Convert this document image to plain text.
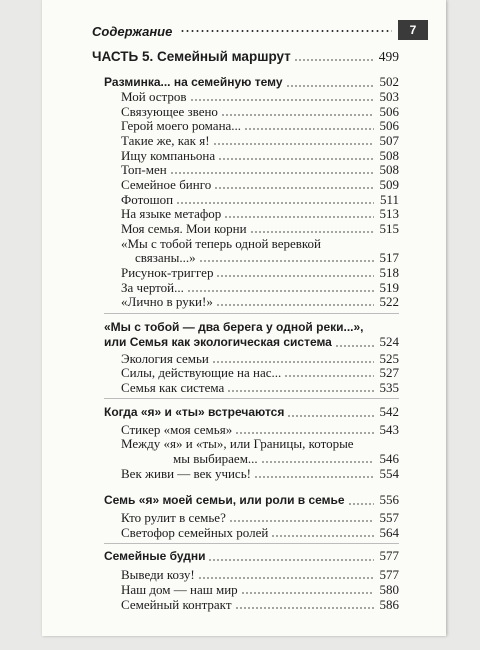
Содержание	7
ЧАСТЬ 5. Семейный маршрут	499
Разминка... на семейную тему	502
Мой остров	503
Связующее звено	506
Герой моего романа...	506
Такие же, как я!	507
Ищу компаньона	508
Топ-мен	508
Семейное бинго	509
Фотошоп	511
На языке метафор	513
Моя семья. Мои корни	515
«Мы с тобой теперь одной веревкой
связаны...»	517
Рисунок-триггер	518
За чертой...	519
«Лично в руки!»	522
«Мы с тобой — два берега у одной реки...»,
или Семья как экологическая система	524
Экология семьи	525
Силы, действующие на нас...	527
Семья как система	535
Когда «я» и «ты» встречаются	542
Стикер «моя семья»	543
Между «я» и «ты», или Границы, которые
мы выбираем...	546
Век живи — век учись!	554
Семь «я» моей семьи, или роли в семье	556
Кто рулит в семье?	557
Светофор семейных ролей	564
Семейные будни	577
Выведи козу!	577
Наш дом — наш мир	580
Семейный контракт	586
